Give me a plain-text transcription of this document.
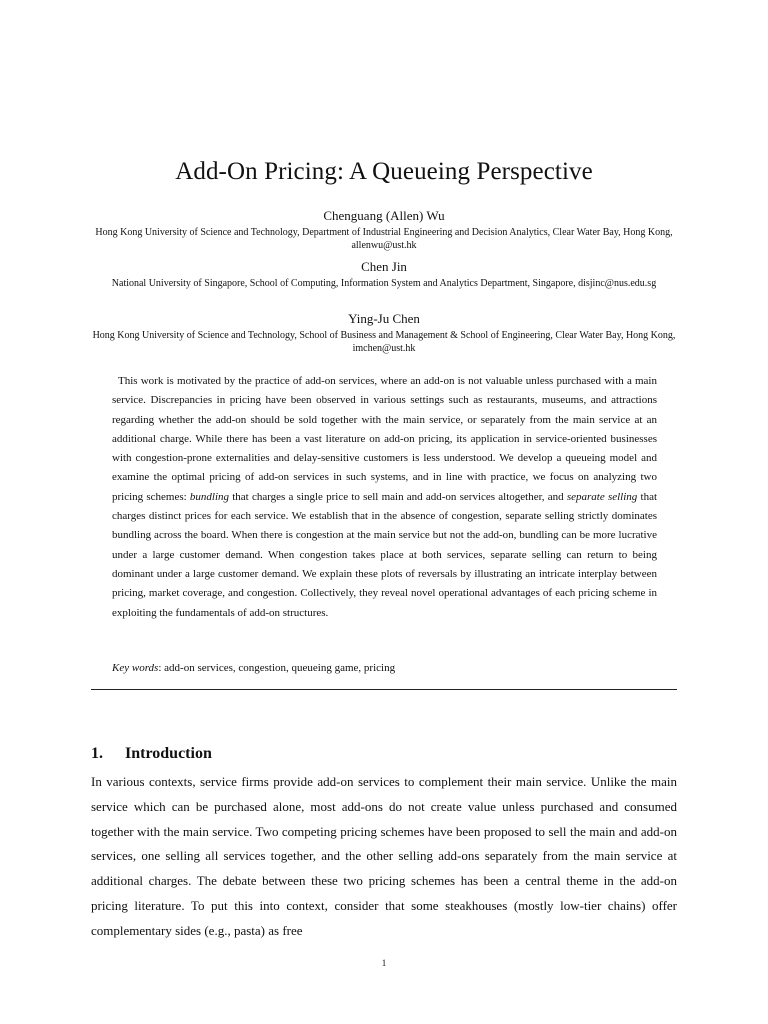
Add-On Pricing: A Queueing Perspective
Chenguang (Allen) Wu
Hong Kong University of Science and Technology, Department of Industrial Engineering and Decision Analytics, Clear Water Bay, Hong Kong, allenwu@ust.hk
Chen Jin
National University of Singapore, School of Computing, Information System and Analytics Department, Singapore, disjinc@nus.edu.sg
Ying-Ju Chen
Hong Kong University of Science and Technology, School of Business and Management & School of Engineering, Clear Water Bay, Hong Kong, imchen@ust.hk

This work is motivated by the practice of add-on services, where an add-on is not valuable unless purchased with a main service. Discrepancies in pricing have been observed in various settings such as restaurants, museums, and attractions regarding whether the add-on should be sold together with the main service, or separately from the main service at an additional charge. While there has been a vast literature on add-on pricing, its application in service-oriented businesses with congestion-prone externalities and delay-sensitive customers is less understood. We develop a queueing model and examine the optimal pricing of add-on services in such systems, and in line with practice, we focus on analyzing two pricing schemes: bundling that charges a single price to sell main and add-on services altogether, and separate selling that charges distinct prices for each service. We establish that in the absence of congestion, separate selling strictly dominates bundling across the board. When there is congestion at the main service but not the add-on, bundling can be more lucrative under a large customer demand. When congestion takes place at both services, separate selling can return to being dominant under a large customer demand. We explain these plots of reversals by illustrating an intricate interplay between pricing, market coverage, and congestion. Collectively, they reveal novel operational advantages of each pricing scheme in exploiting the fundamentals of add-on structures.

Key words: add-on services, congestion, queueing game, pricing
1. Introduction

In various contexts, service firms provide add-on services to complement their main service. Unlike the main service which can be purchased alone, most add-ons do not create value unless purchased and consumed together with the main service. Two competing pricing schemes have been proposed to sell the main and add-on services, one selling all services together, and the other selling add-ons separately from the main service at additional charges. The debate between these two pricing schemes has been a central theme in the add-on pricing literature. To put this into context, consider that some steakhouses (mostly low-tier chains) offer complementary sides (e.g., pasta) as free

1
